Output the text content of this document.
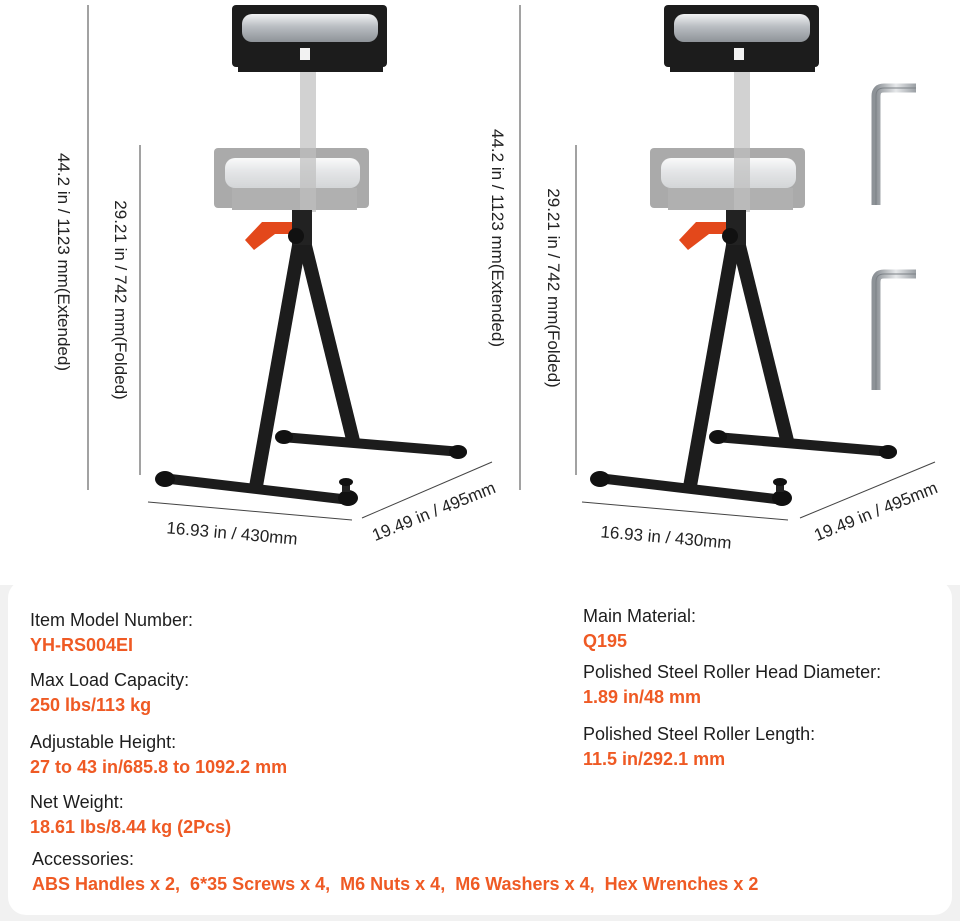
44.2 in / 1123 mm(Extended) 29.21 in / 742 mm(Folded)
16.93 in / 430mm	19.49 in / 495mm
44.2 in / 1123 mm(Extended) 29.21 in / 742 mm(Folded)
16.93 in / 430mm	19.49 in / 495mm
Item Model Number:
YH-RS004EI
Max Load Capacity:
250 lbs/113 kg
Adjustable Height:
27 to 43 in/685.8 to 1092.2 mm
Net Weight:
18.61 lbs/8.44 kg (2Pcs)
Accessories:
ABS Handles x 2,  6*35 Screws x 4,  M6 Nuts x 4,  M6 Washers x 4,  Hex Wrenches x 2
Main Material:
Q195
Polished Steel Roller Head Diameter:
1.89 in/48 mm
Polished Steel Roller Length:
11.5 in/292.1 mm
